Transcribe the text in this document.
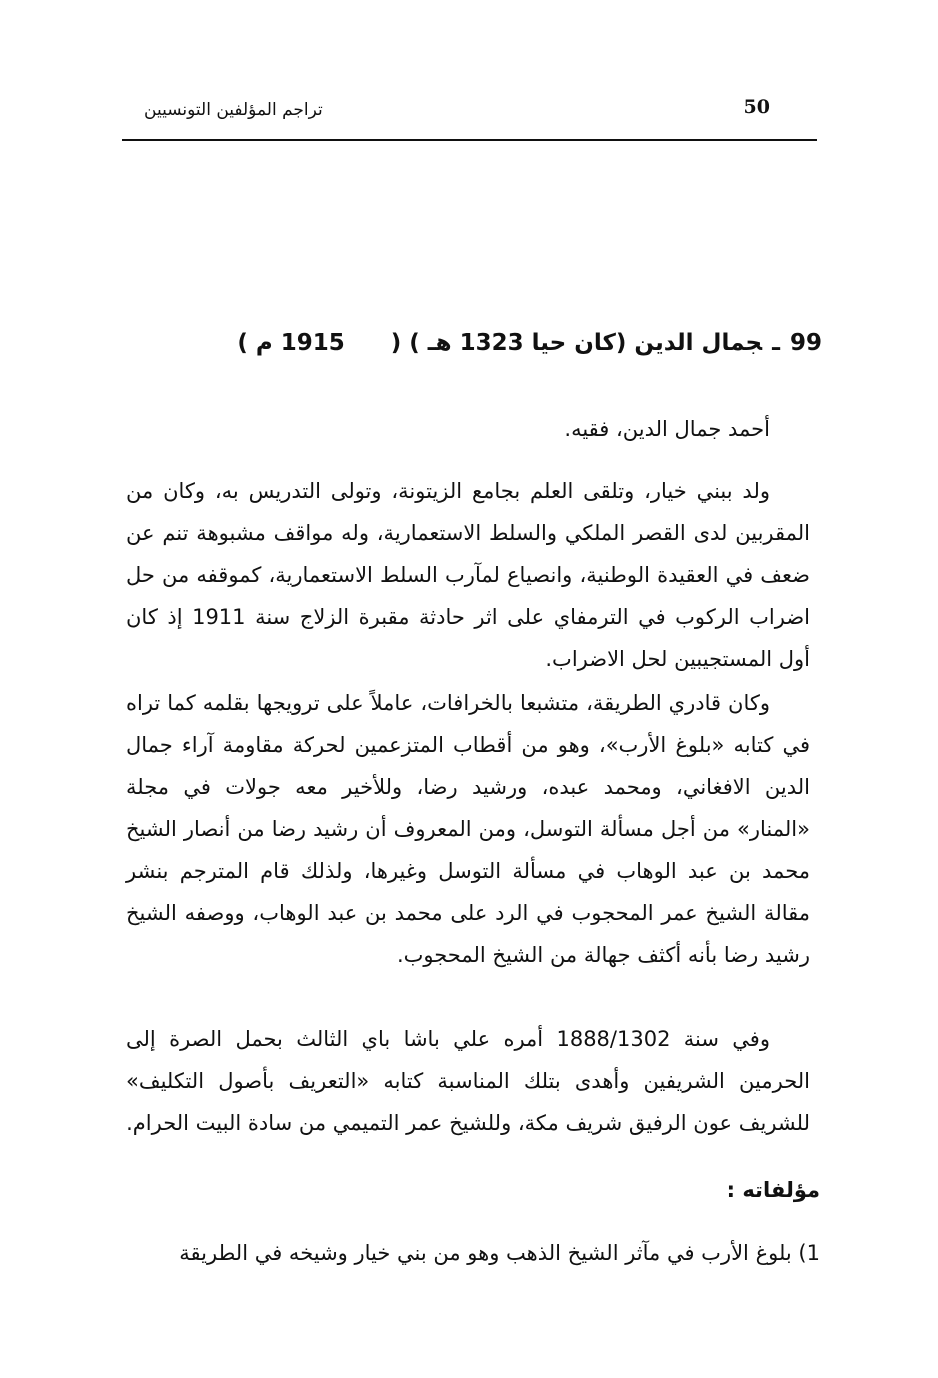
50
تراجم المؤلفين التونسيين
99ـجمال الدين (كان حيا 1323 هـ ) (1915 م )

أحمد جمال الدين، فقيه.

ولد ببني خيار، وتلقى العلم بجامع الزيتونة، وتولى التدريس به، وكان من المقربين لدى القصر الملكي والسلط الاستعمارية، وله مواقف مشبوهة تنم عن ضعف في العقيدة الوطنية، وانصياع لمآرب السلط الاستعمارية، كموقفه من حل اضراب الركوب في الترمفاي على اثر حادثة مقبرة الزلاج سنة 1911 إذ كان أول المستجيبين لحل الاضراب.

وكان قادري الطريقة، متشبعا بالخرافات، عاملاً على ترويجها بقلمه كما تراه في كتابه «بلوغ الأرب»، وهو من أقطاب المتزعمين لحركة مقاومة آراء جمال الدين الافغاني، ومحمد عبده، ورشيد رضا، وللأخير معه جولات في مجلة «المنار» من أجل مسألة التوسل، ومن المعروف أن رشيد رضا من أنصار الشيخ محمد بن عبد الوهاب في مسألة التوسل وغيرها، ولذلك قام المترجم بنشر مقالة الشيخ عمر المحجوب في الرد على محمد بن عبد الوهاب، ووصفه الشيخ رشيد رضا بأنه أكثف جهالة من الشيخ المحجوب.

وفي سنة 1888/1302 أمره علي باشا باي الثالث بحمل الصرة إلى الحرمين الشريفين وأهدى بتلك المناسبة كتابه «التعريف بأصول التكليف» للشريف عون الرفيق شريف مكة، وللشيخ عمر التميمي من سادة البيت الحرام.

مؤلفاته :
1) بلوغ الأرب في مآثر الشيخ الذهب وهو من بني خيار وشيخه في الطريقة
